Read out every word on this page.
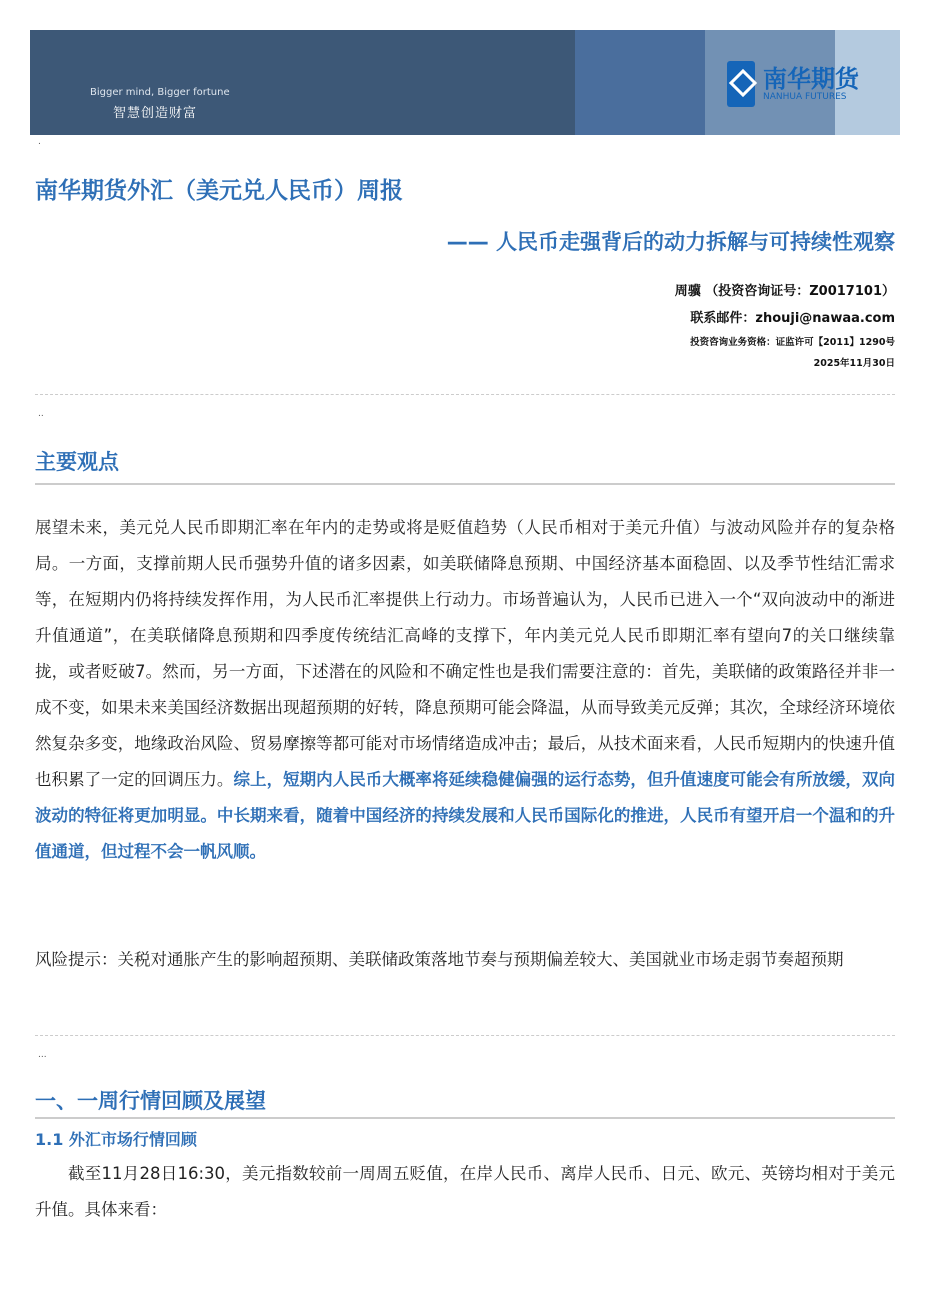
Bigger mind, Bigger fortune
智慧创造财富
南华期货
NANHUA FUTURES
.
南华期货外汇（美元兑人民币）周报
—— 人民币走强背后的动力拆解与可持续性观察
周骥 （投资咨询证号：Z0017101）
联系邮件：zhouji@nawaa.com
投资咨询业务资格：证监许可【2011】1290号
2025年11月30日
..
主要观点
展望未来，美元兑人民币即期汇率在年内的走势或将是贬值趋势（人民币相对于美元升值）与波动风险并存的复杂格局。一方面，支撑前期人民币强势升值的诸多因素，如美联储降息预期、中国经济基本面稳固、以及季节性结汇需求等，在短期内仍将持续发挥作用，为人民币汇率提供上行动力。市场普遍认为，人民币已进入一个“双向波动中的渐进升值通道”，在美联储降息预期和四季度传统结汇高峰的支撑下，年内美元兑人民币即期汇率有望向7的关口继续靠拢，或者贬破7。然而，另一方面，下述潜在的风险和不确定性也是我们需要注意的：首先，美联储的政策路径并非一成不变，如果未来美国经济数据出现超预期的好转，降息预期可能会降温，从而导致美元反弹；其次，全球经济环境依然复杂多变，地缘政治风险、贸易摩擦等都可能对市场情绪造成冲击；最后，从技术面来看，人民币短期内的快速升值也积累了一定的回调压力。综上，短期内人民币大概率将延续稳健偏强的运行态势，但升值速度可能会有所放缓，双向波动的特征将更加明显。中长期来看，随着中国经济的持续发展和人民币国际化的推进，人民币有望开启一个温和的升值通道，但过程不会一帆风顺。
风险提示：关税对通胀产生的影响超预期、美联储政策落地节奏与预期偏差较大、美国就业市场走弱节奏超预期
...
一、一周行情回顾及展望
1.1 外汇市场行情回顾
截至11月28日16:30，美元指数较前一周周五贬值，在岸人民币、离岸人民币、日元、欧元、英镑均相对于美元升值。具体来看：
